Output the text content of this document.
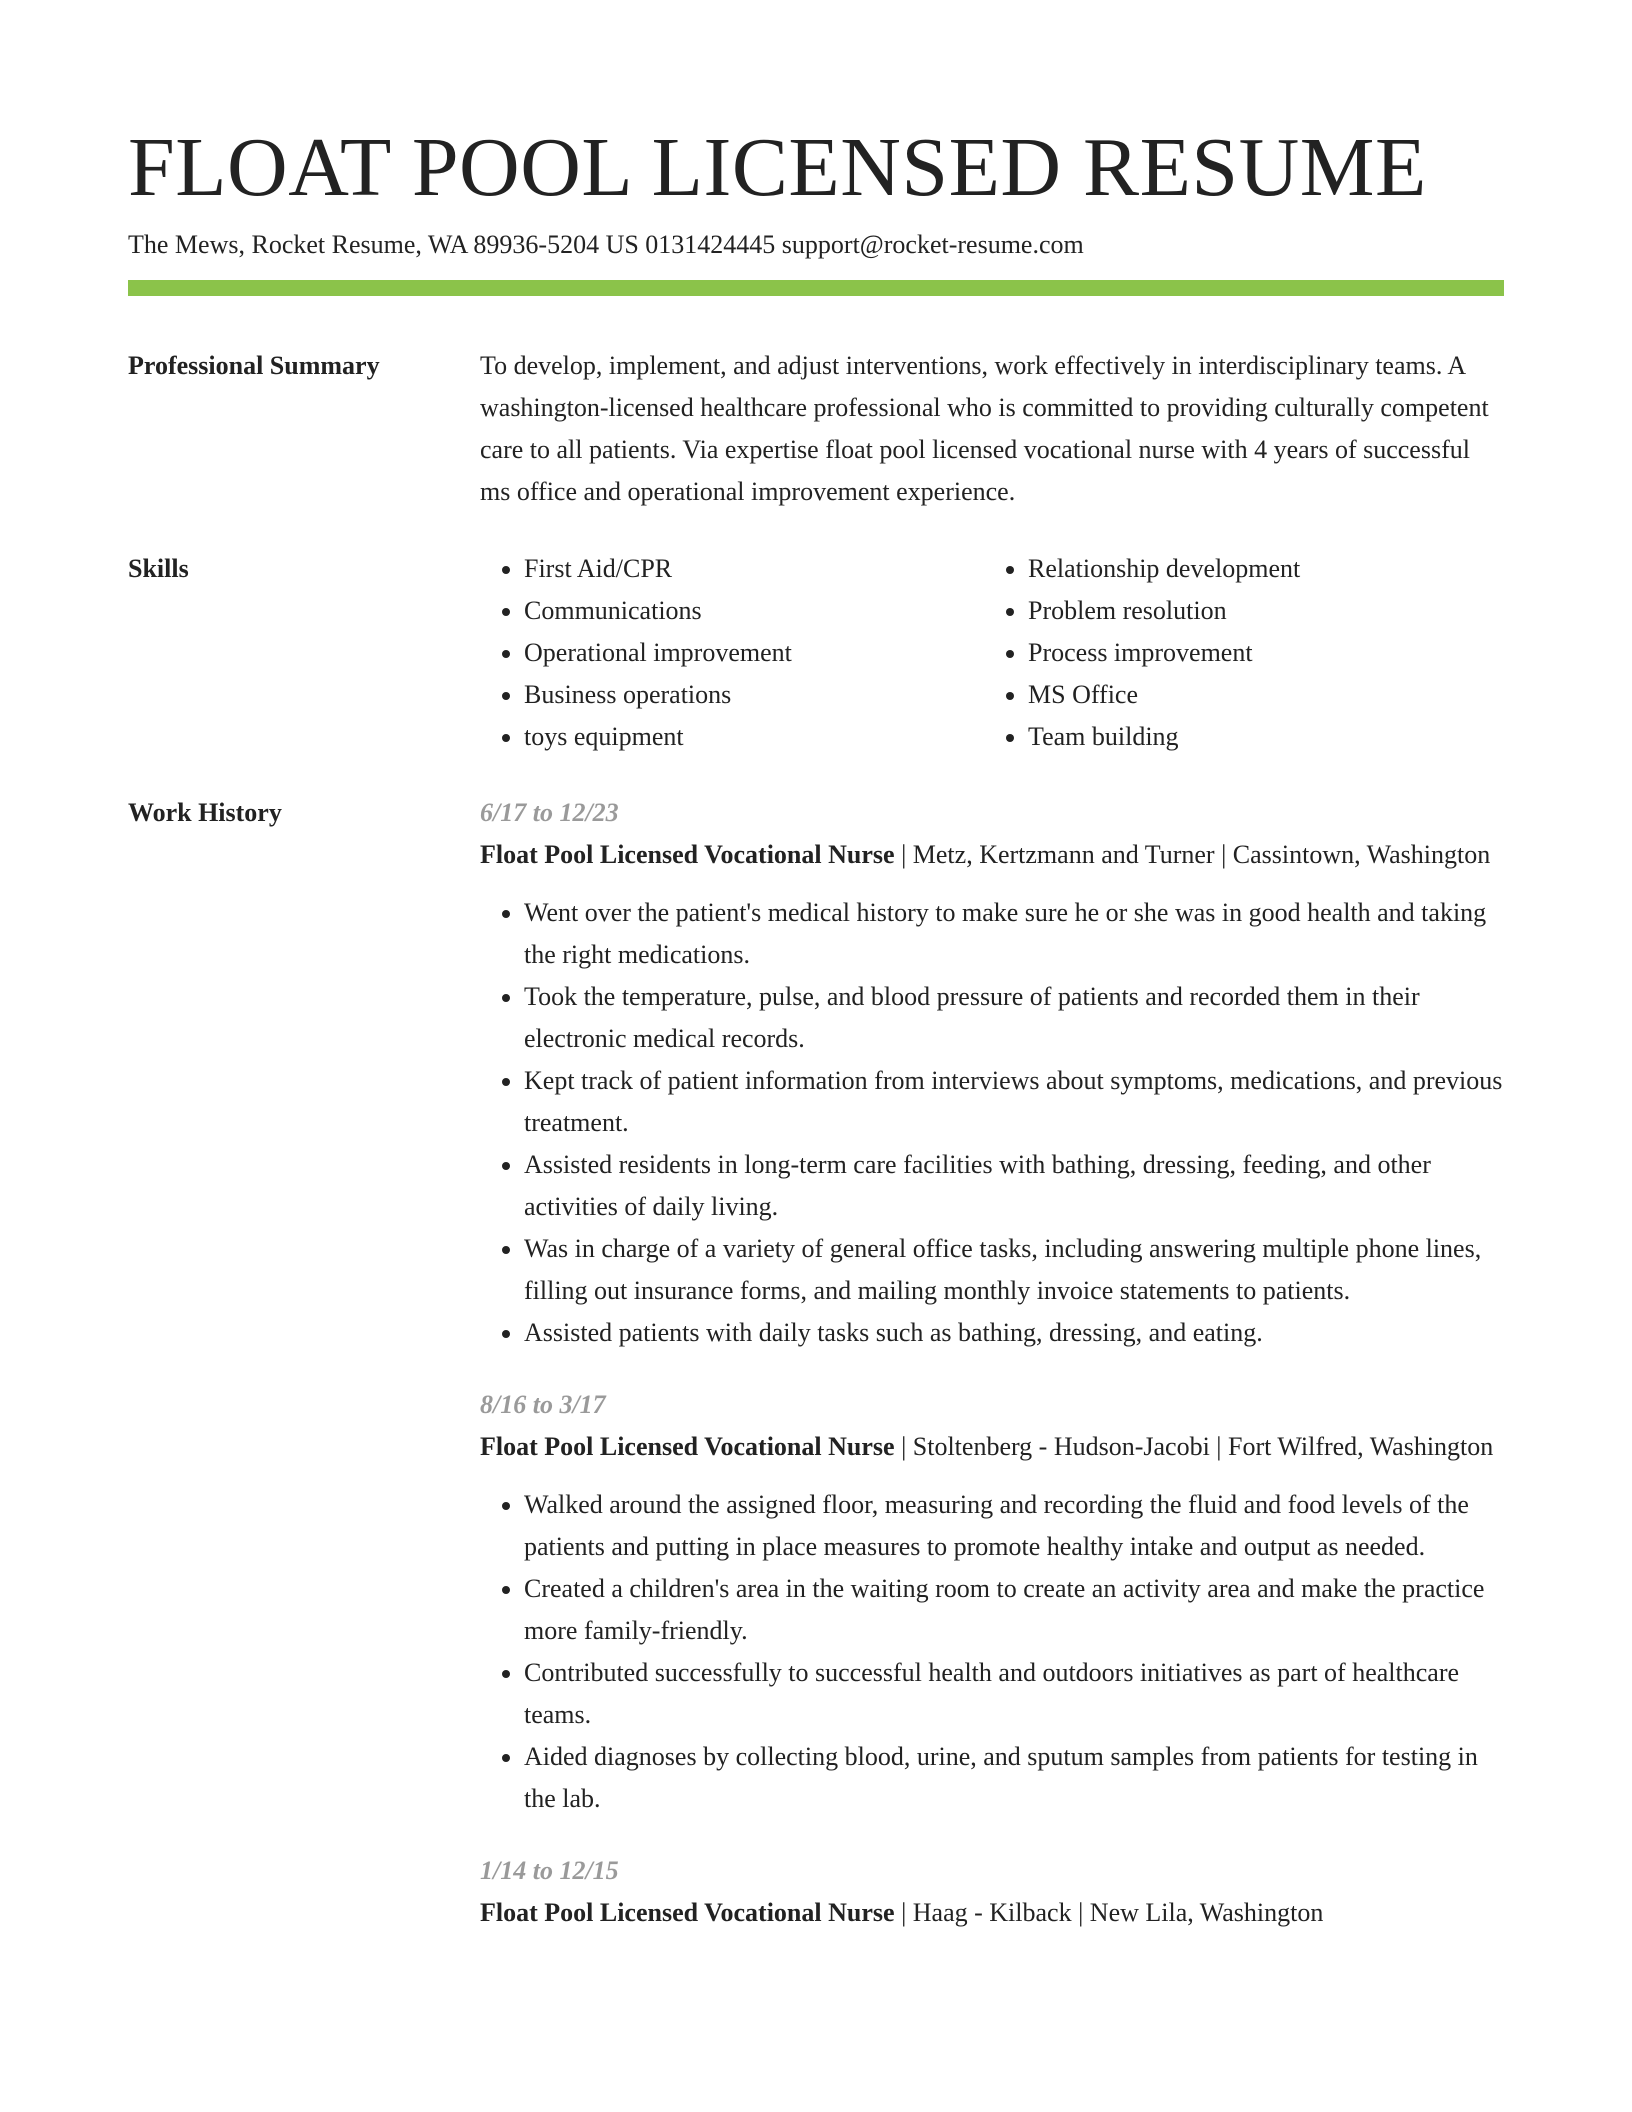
FLOAT POOL LICENSED RESUME
The Mews, Rocket Resume, WA 89936-5204 US 0131424445 support@rocket-resume.com
Professional Summary	To develop, implement, and adjust interventions, work effectively in interdisciplinary teams. A washington-licensed healthcare professional who is committed to providing culturally competent care to all patients. Via expertise float pool licensed vocational nurse with 4 years of successful ms office and operational improvement experience.
Skills
•	First Aid/CPR
• Communications
• Operational improvement
• Business operations
• toys equipment
• Relationship development
• Problem resolution
• Process improvement
• MS Office
• Team building
Work History	6/17 to 12/23
Float Pool Licensed Vocational Nurse | Metz, Kertzmann and Turner | Cassintown, Washington
• Went over the patient's medical history to make sure he or she was in good health and taking the right medications.
• Took the temperature, pulse, and blood pressure of patients and recorded them in their electronic medical records.
• Kept track of patient information from interviews about symptoms, medications, and previous treatment.
• Assisted residents in long-term care facilities with bathing, dressing, feeding, and other activities of daily living.
• Was in charge of a variety of general office tasks, including answering multiple phone lines, filling out insurance forms, and mailing monthly invoice statements to patients.
• Assisted patients with daily tasks such as bathing, dressing, and eating.
8/16 to 3/17
Float Pool Licensed Vocational Nurse | Stoltenberg - Hudson-Jacobi | Fort Wilfred, Washington
• Walked around the assigned floor, measuring and recording the fluid and food levels of the patients and putting in place measures to promote healthy intake and output as needed.
• Created a children's area in the waiting room to create an activity area and make the practice more family-friendly.
• Contributed successfully to successful health and outdoors initiatives as part of healthcare teams.
• Aided diagnoses by collecting blood, urine, and sputum samples from patients for testing in the lab.
1/14 to 12/15
Float Pool Licensed Vocational Nurse | Haag - Kilback | New Lila, Washington
